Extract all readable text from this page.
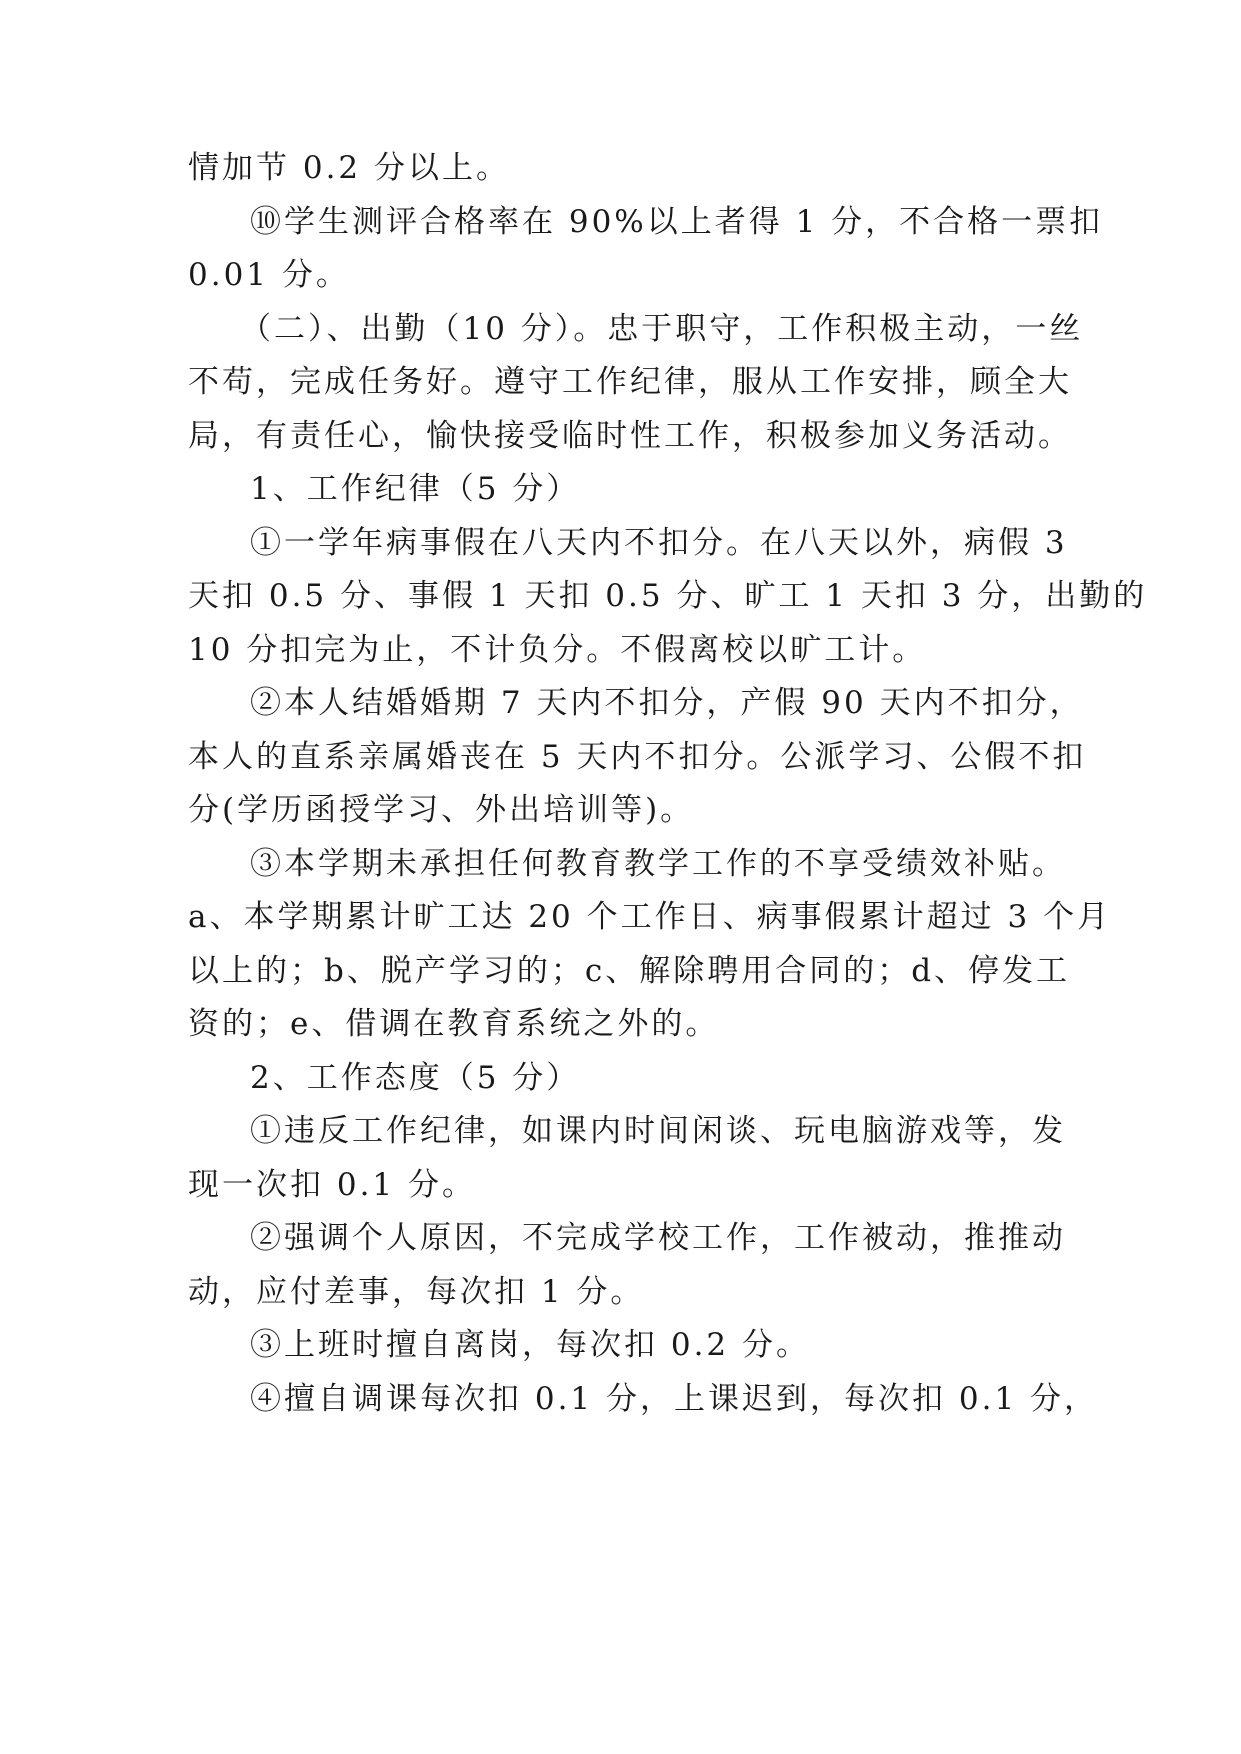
情加节 0.2 分以上。
⑩学生测评合格率在 90%以上者得 1 分，不合格一票扣
0.01 分。
（二）、出勤（10 分）。忠于职守，工作积极主动，一丝
不苟，完成任务好。遵守工作纪律，服从工作安排，顾全大
局，有责任心，愉快接受临时性工作，积极参加义务活动。
1、工作纪律（5 分）
①一学年病事假在八天内不扣分。在八天以外，病假 3
天扣 0.5 分、事假 1 天扣 0.5 分、旷工 1 天扣 3 分，出勤的
10 分扣完为止，不计负分。不假离校以旷工计。
②本人结婚婚期 7 天内不扣分，产假 90 天内不扣分，
本人的直系亲属婚丧在 5 天内不扣分。公派学习、公假不扣
分(学历函授学习、外出培训等)。
③本学期未承担任何教育教学工作的不享受绩效补贴。
a、本学期累计旷工达 20 个工作日、病事假累计超过 3 个月
以上的；b、脱产学习的；c、解除聘用合同的；d、停发工
资的；e、借调在教育系统之外的。
2、工作态度（5 分）
①违反工作纪律，如课内时间闲谈、玩电脑游戏等，发
现一次扣 0.1 分。
②强调个人原因，不完成学校工作，工作被动，推推动
动，应付差事，每次扣 1 分。
③上班时擅自离岗，每次扣 0.2 分。
④擅自调课每次扣 0.1 分，上课迟到，每次扣 0.1 分，
